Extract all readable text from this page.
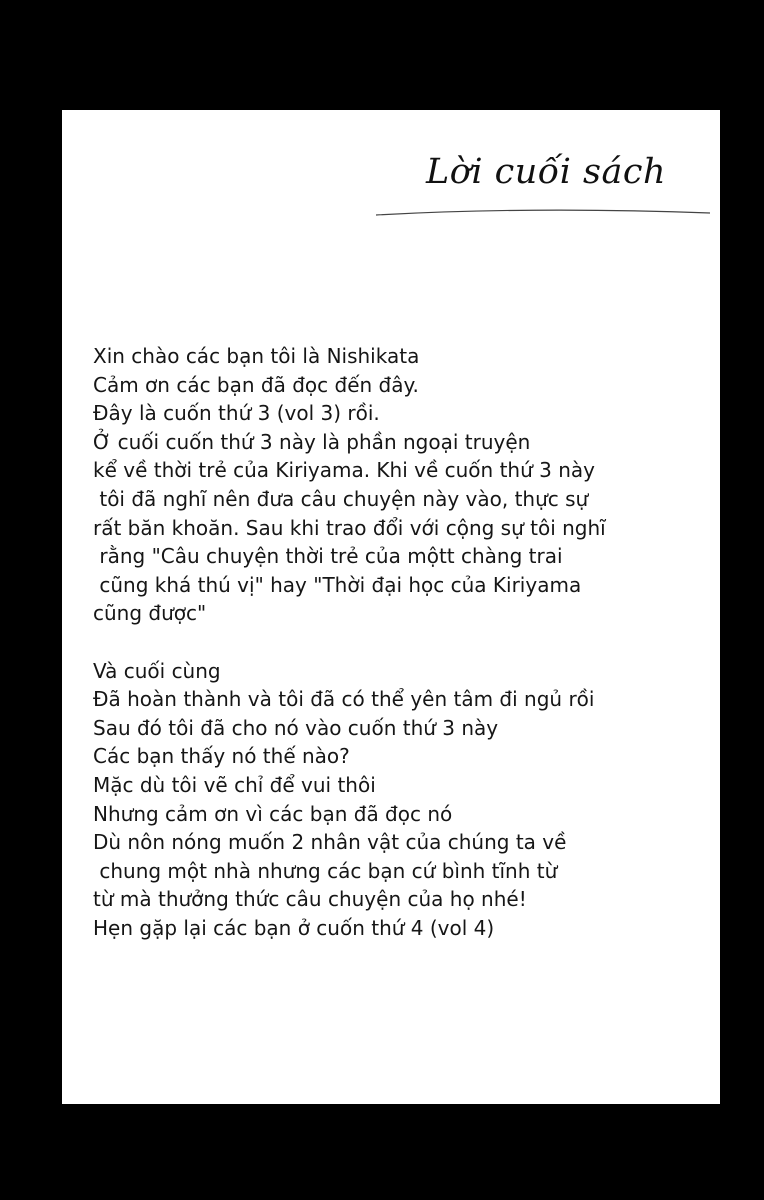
Lời cuối sách
Xin chào các bạn tôi là Nishikata
Cảm ơn các bạn đã đọc đến đây.
Đây là cuốn thứ 3 (vol 3) rồi.
Ở cuối cuốn thứ 3 này là phần ngoại truyện
kể về thời trẻ của Kiriyama. Khi về cuốn thứ 3 này
tôi đã nghĩ nên đưa câu chuyện này vào, thực sự
rất băn khoăn. Sau khi trao đổi với cộng sự tôi nghĩ
rằng "Câu chuyện thời trẻ của mộtt chàng trai
cũng khá thú vị" hay "Thời đại học của Kiriyama
cũng được"
Và cuối cùng
Đã hoàn thành và tôi đã có thể yên tâm đi ngủ rồi
Sau đó tôi đã cho nó vào cuốn thứ 3 này
Các bạn thấy nó thế nào?
Mặc dù tôi vẽ chỉ để vui thôi
Nhưng cảm ơn vì các bạn đã đọc nó
Dù nôn nóng muốn 2 nhân vật của chúng ta về
chung một nhà nhưng các bạn cứ bình tĩnh từ
từ mà thưởng thức câu chuyện của họ nhé!
Hẹn gặp lại các bạn ở cuốn thứ 4 (vol 4)
